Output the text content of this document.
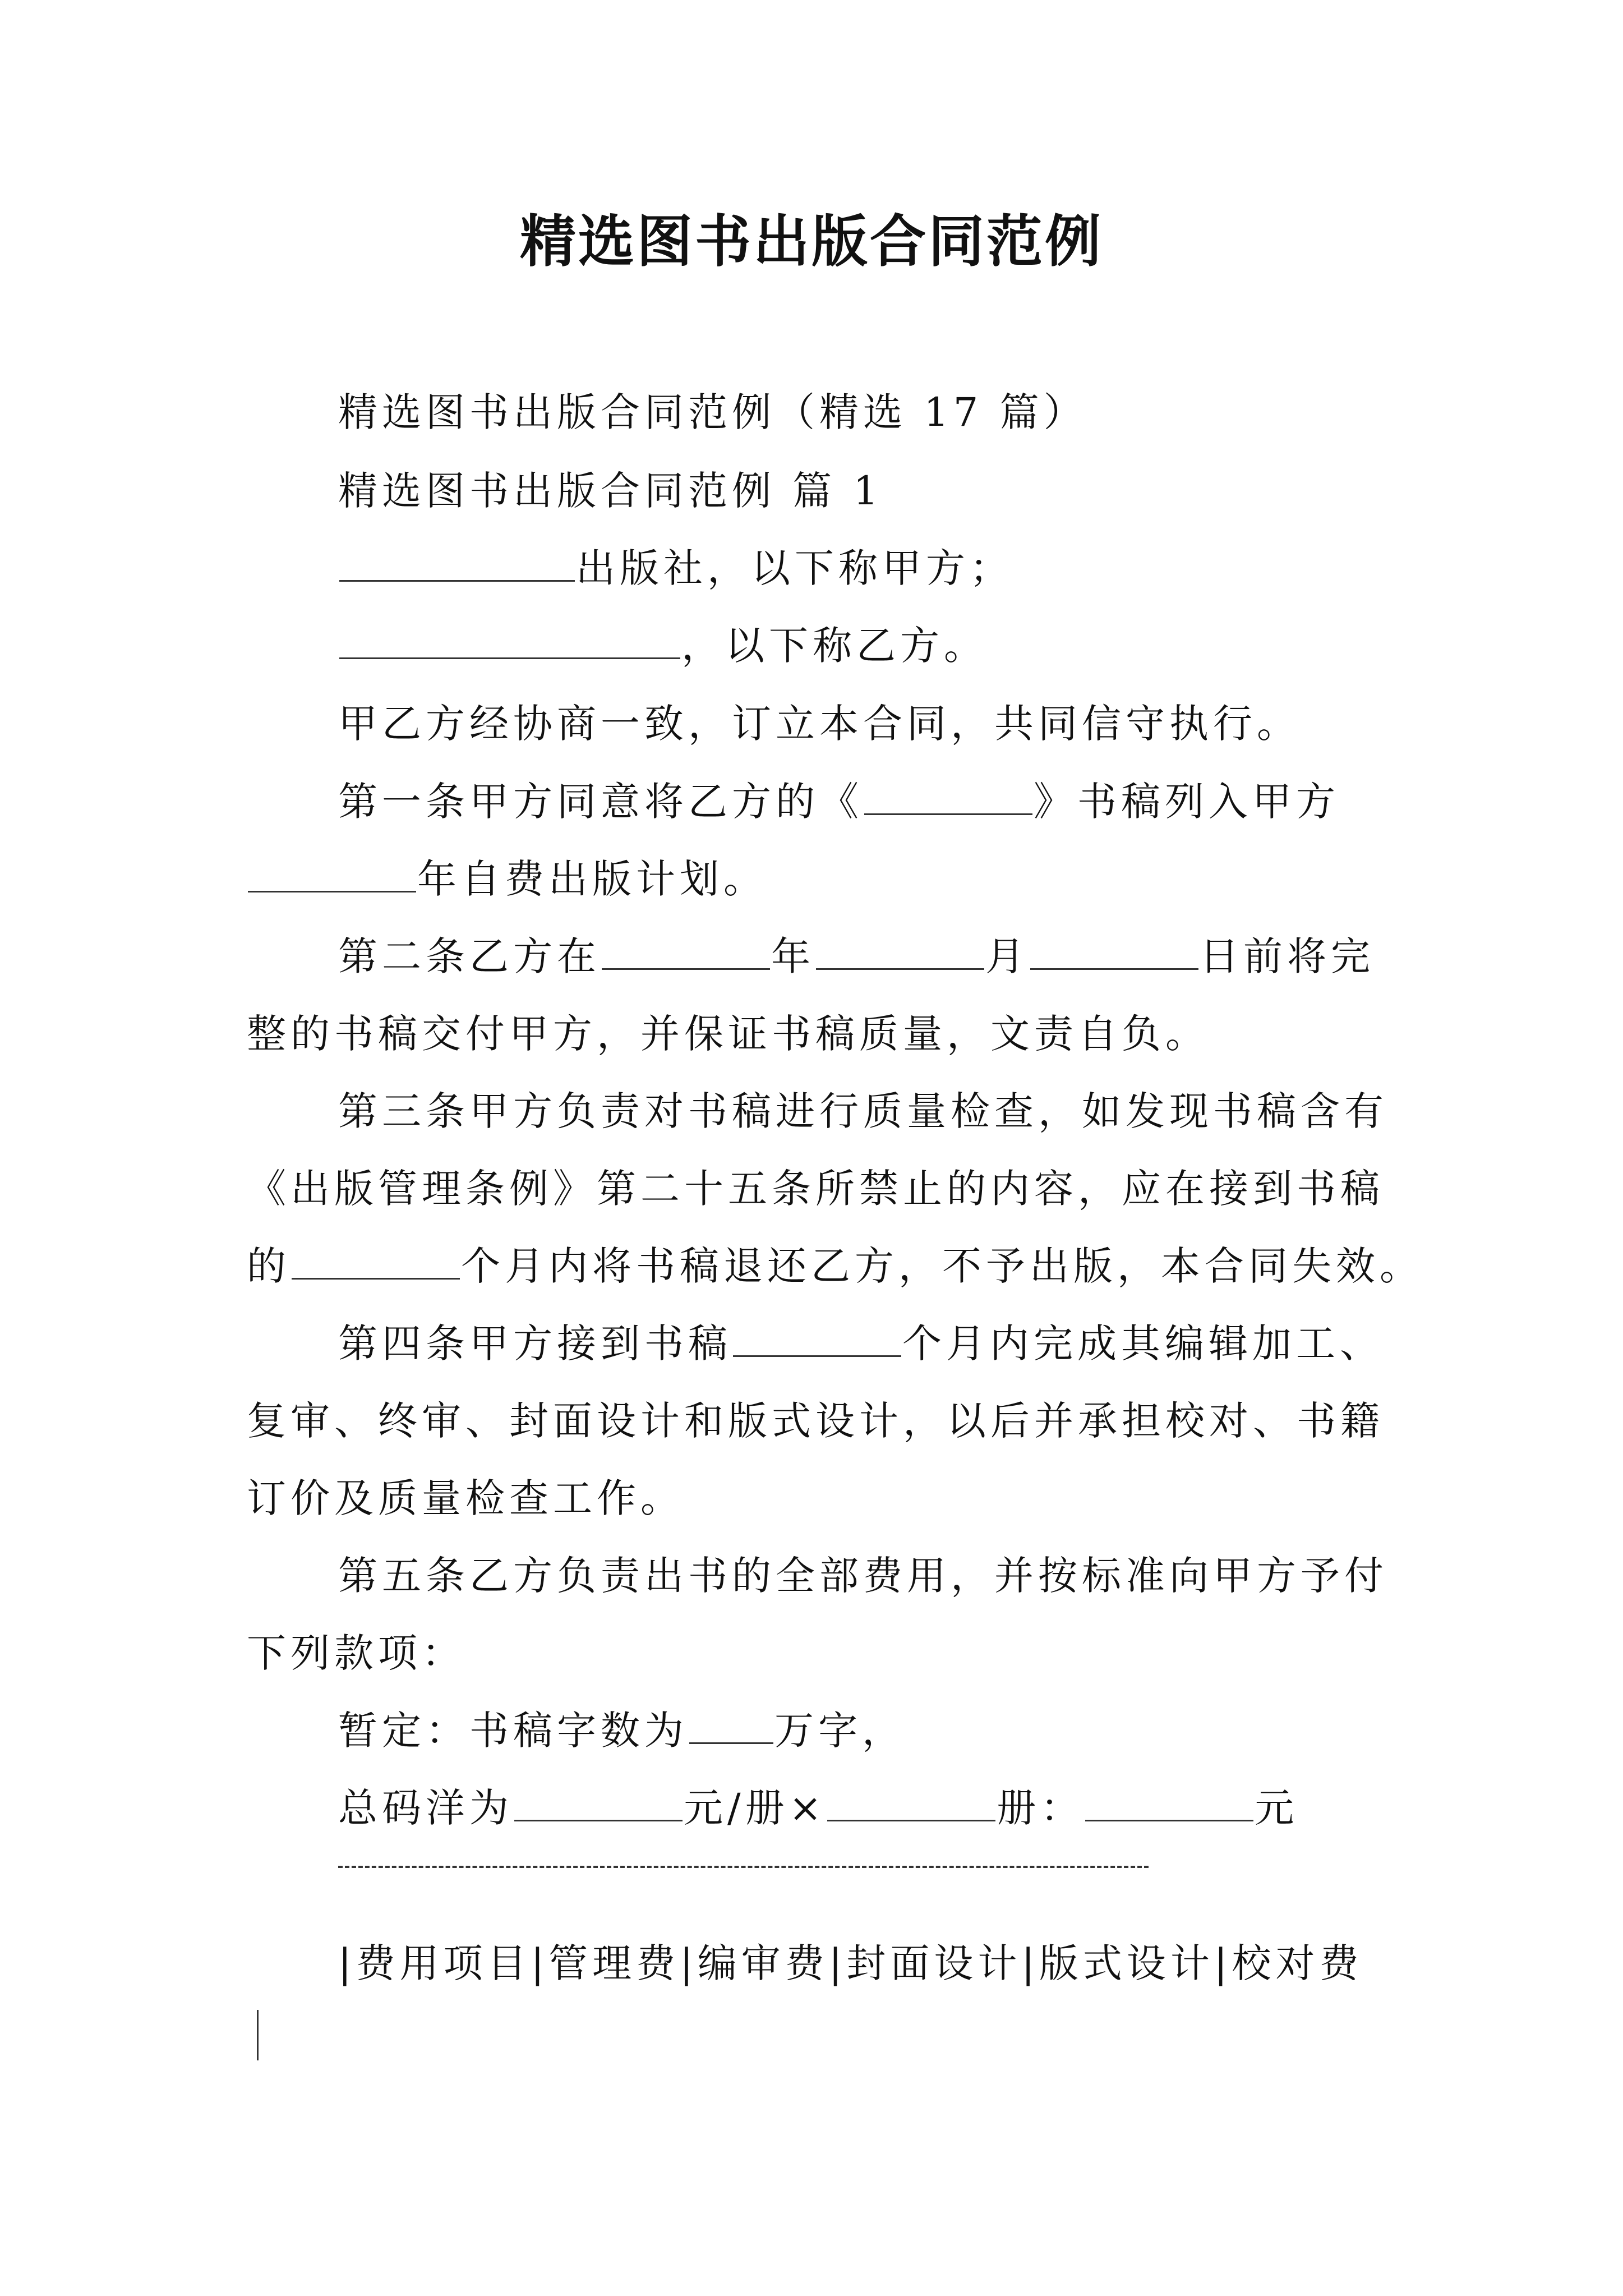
精选图书出版合同范例
精选图书出版合同范例（精选 17 篇）
精选图书出版合同范例 篇 1
出版社，以下称甲方；
，以下称乙方。
甲乙方经协商一致，订立本合同，共同信守执行。
第一条甲方同意将乙方的《	》书稿列入甲方
年自费出版计划。
第二条乙方在	年	月	日前将完
整的书稿交付甲方，并保证书稿质量，文责自负。
第三条甲方负责对书稿进行质量检查，如发现书稿含有
《出版管理条例》第二十五条所禁止的内容，应在接到书稿
的	个月内将书稿退还乙方，不予出版，本合同失效。
第四条甲方接到书稿	个月内完成其编辑加工、
复审、终审、封面设计和版式设计，以后并承担校对、书籍
订价及质量检查工作。
第五条乙方负责出书的全部费用，并按标准向甲方予付
下列款项：
暂定：书稿字数为 万字，
总码洋为	元/册×	册：	元
|费用项目|管理费|编审费|封面设计|版式设计|校对费
